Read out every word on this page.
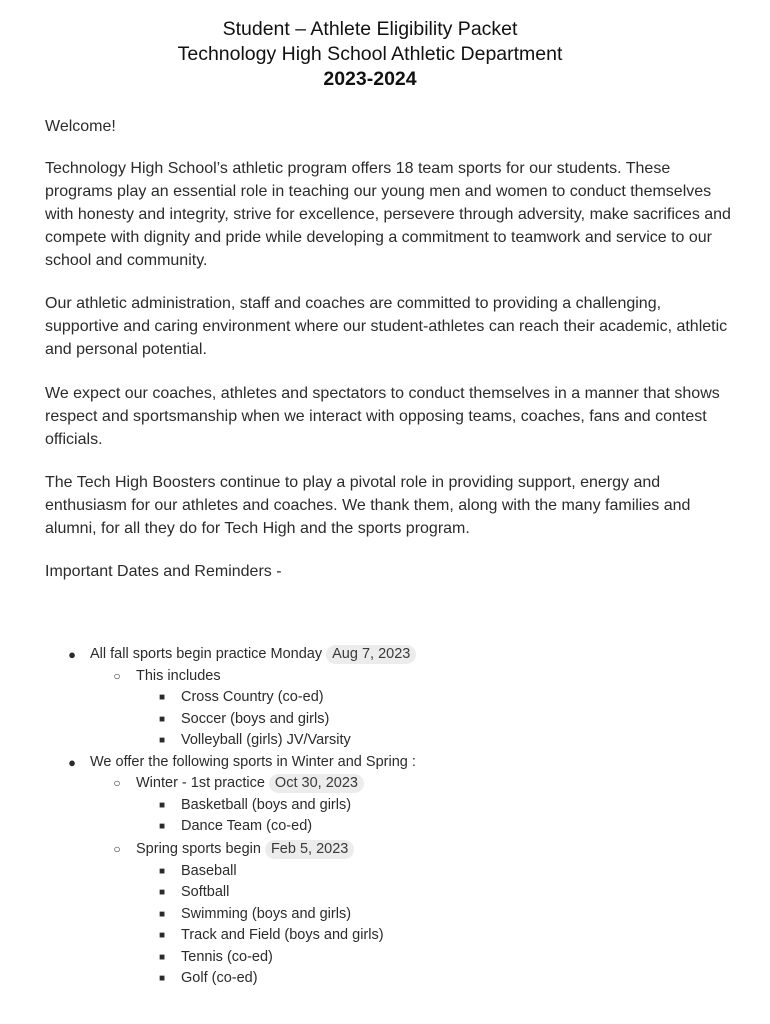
Student – Athlete Eligibility Packet
Technology High School Athletic Department
2023-2024
Welcome!
Technology High School’s athletic program offers 18 team sports for our students. These programs play an essential role in teaching our young men and women to conduct themselves with honesty and integrity, strive for excellence, persevere through adversity, make sacrifices and compete with dignity and pride while developing a commitment to teamwork and service to our school and community.
Our athletic administration, staff and coaches are committed to providing a challenging, supportive and caring environment where our student-athletes can reach their academic, athletic and personal potential.
We expect our coaches, athletes and spectators to conduct themselves in a manner that shows respect and sportsmanship when we interact with opposing teams, coaches, fans and contest officials.
The Tech High Boosters continue to play a pivotal role in providing support, energy and enthusiasm for our athletes and coaches. We thank them, along with the many families and alumni, for all they do for Tech High and the sports program.
Important Dates and Reminders -
● All fall sports begin practice Monday Aug 7, 2023
○ This includes
■ Cross Country (co-ed)
■ Soccer (boys and girls)
■ Volleyball (girls) JV/Varsity
● We offer the following sports in Winter and Spring :
○ Winter - 1st practice Oct 30, 2023
■ Basketball (boys and girls)
■ Dance Team (co-ed)
○ Spring sports begin Feb 5, 2023
■ Baseball
■ Softball
■ Swimming (boys and girls)
■ Track and Field (boys and girls)
■ Tennis (co-ed)
■ Golf (co-ed)
